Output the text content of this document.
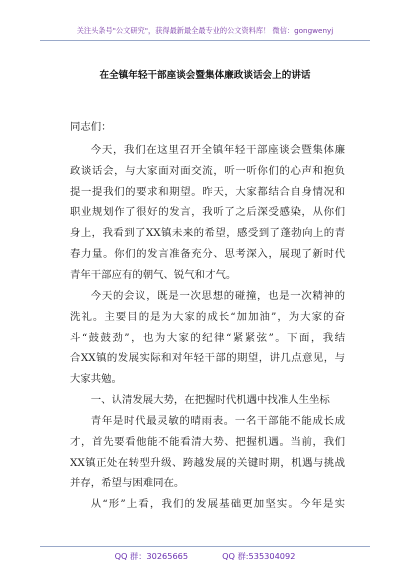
关注头条号"公文研究"，获得最新最全最专业的公文资料库！ 微信：gongwenyj
在全镇年轻干部座谈会暨集体廉政谈话会上的讲话
同志们：
今天，我们在这里召开全镇年轻干部座谈会暨集体廉
政谈话会，与大家面对面交流，听一听你们的心声和抱负
提一提我们的要求和期望。昨天，大家都结合自身情况和
职业规划作了很好的发言，我听了之后深受感染，从你们
身上，我看到了XX镇未来的希望，感受到了蓬勃向上的青
春力量。你们的发言准备充分、思考深入，展现了新时代
青年干部应有的朝气、锐气和才气。
今天的会议，既是一次思想的碰撞，也是一次精神的
洗礼。主要目的是为大家的成长“加加油”，为大家的奋
斗“鼓鼓劲”，也为大家的纪律“紧紧弦”。下面，我结
合XX镇的发展实际和对年轻干部的期望，讲几点意见，与
大家共勉。
一、认清发展大势，在把握时代机遇中找准人生坐标
青年是时代最灵敏的晴雨表。一名干部能不能成长成
才，首先要看他能不能看清大势、把握机遇。当前，我们
XX镇正处在转型升级、跨越发展的关键时期，机遇与挑战
并存，希望与困难同在。
从“形”上看，我们的发展基础更加坚实。今年是实
QQ 群：30265665	QQ 群:535304092
